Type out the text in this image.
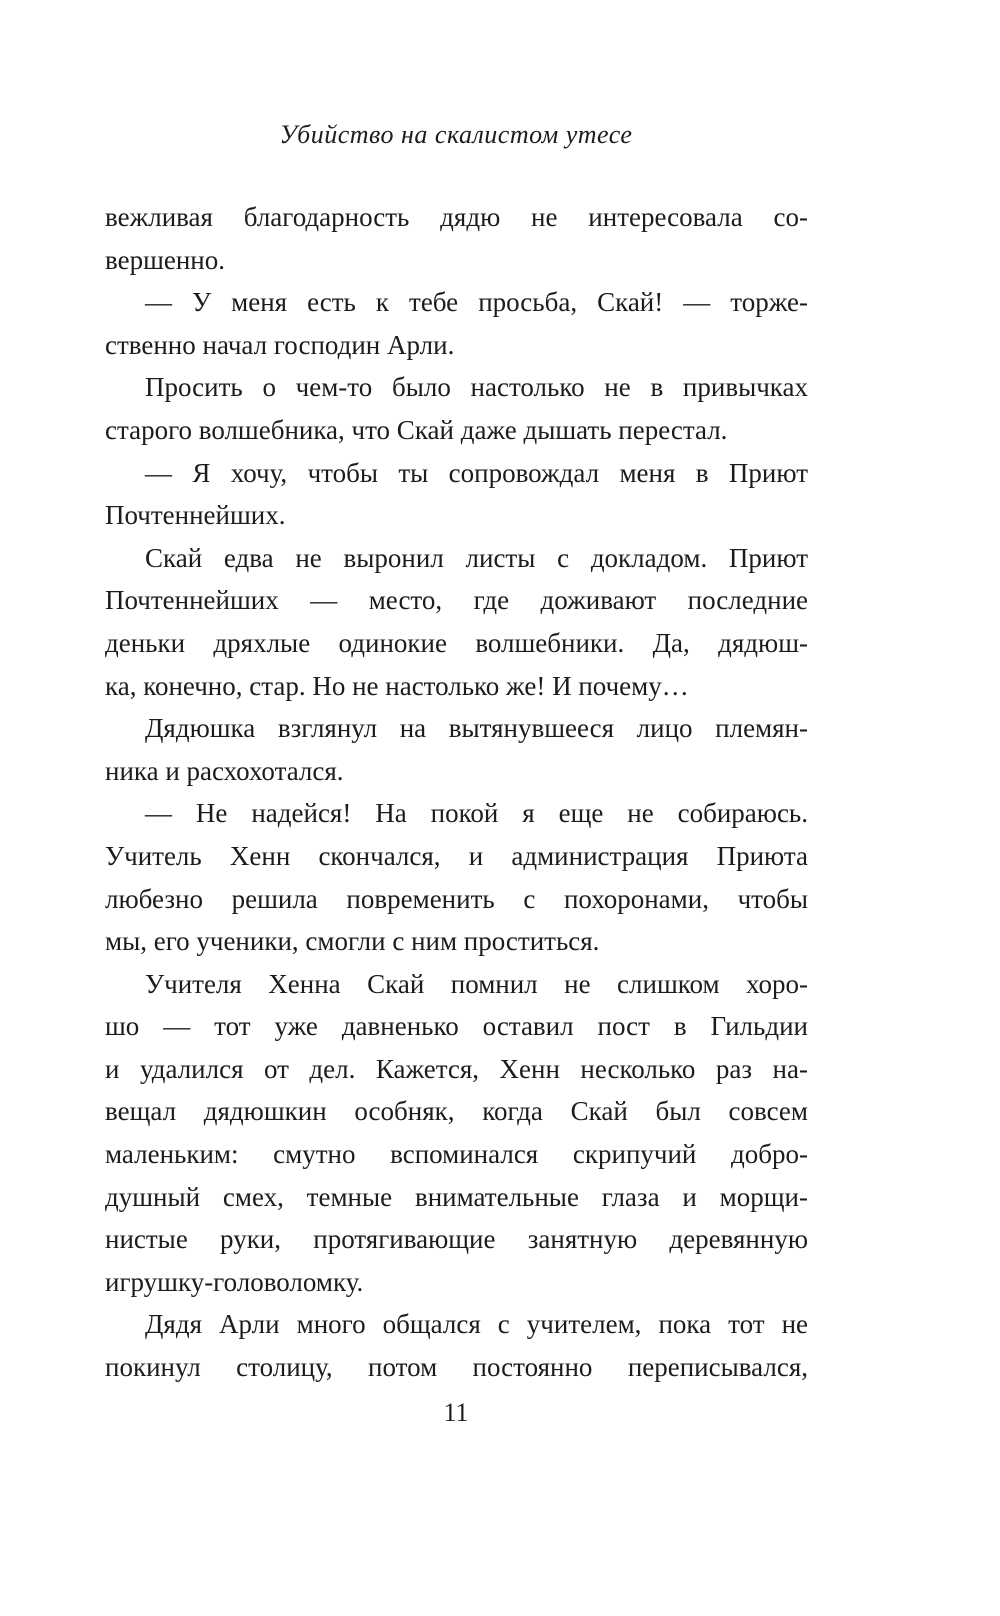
Убийство на скалистом утесе
вежливая благодарность дядю не интересовала со-
вершенно.
— У меня есть к тебе просьба, Скай! — торже-
ственно начал господин Арли.
Просить о чем-то было настолько не в привычках
старого волшебника, что Скай даже дышать перестал.
— Я хочу, чтобы ты сопровождал меня в Приют
Почтеннейших.
Скай едва не выронил листы с докладом. Приют
Почтеннейших — место, где доживают последние
деньки дряхлые одинокие волшебники. Да, дядюш-
ка, конечно, стар. Но не настолько же! И почему…
Дядюшка взглянул на вытянувшееся лицо племян-
ника и расхохотался.
— Не надейся! На покой я еще не собираюсь.
Учитель Хенн скончался, и администрация Приюта
любезно решила повременить с похоронами, чтобы
мы, его ученики, смогли с ним проститься.
Учителя Хенна Скай помнил не слишком хоро-
шо — тот уже давненько оставил пост в Гильдии
и удалился от дел. Кажется, Хенн несколько раз на-
вещал дядюшкин особняк, когда Скай был совсем
маленьким: смутно вспоминался скрипучий добро-
душный смех, темные внимательные глаза и морщи-
нистые руки, протягивающие занятную деревянную
игрушку-головоломку.
Дядя Арли много общался с учителем, пока тот не
покинул столицу, потом постоянно переписывался,
11
